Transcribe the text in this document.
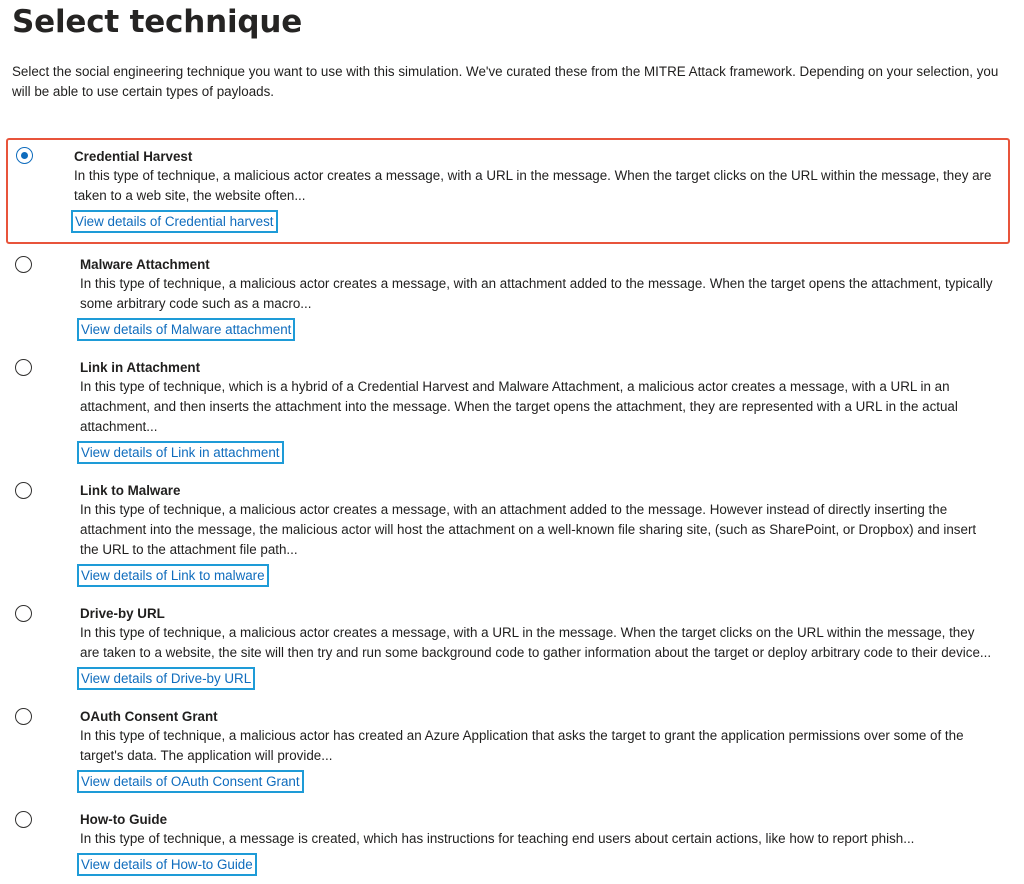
Select technique

Select the social engineering technique you want to use with this simulation. We've curated these from the MITRE Attack framework. Depending on your selection, you will be able to use certain types of payloads.

Credential Harvest
In this type of technique, a malicious actor creates a message, with a URL in the message. When the target clicks on the URL within the message, they are taken to a web site, the website often...
View details of Credential harvest
Malware Attachment
In this type of technique, a malicious actor creates a message, with an attachment added to the message. When the target opens the attachment, typically some arbitrary code such as a macro...
View details of Malware attachment
Link in Attachment
In this type of technique, which is a hybrid of a Credential Harvest and Malware Attachment, a malicious actor creates a message, with a URL in an attachment, and then inserts the attachment into the message. When the target opens the attachment, they are represented with a URL in the actual attachment...
View details of Link in attachment
Link to Malware
In this type of technique, a malicious actor creates a message, with an attachment added to the message. However instead of directly inserting the attachment into the message, the malicious actor will host the attachment on a well-known file sharing site, (such as SharePoint, or Dropbox) and insert the URL to the attachment file path...
View details of Link to malware
Drive-by URL
In this type of technique, a malicious actor creates a message, with a URL in the message. When the target clicks on the URL within the message, they are taken to a website, the site will then try and run some background code to gather information about the target or deploy arbitrary code to their device...
View details of Drive-by URL
OAuth Consent Grant
In this type of technique, a malicious actor has created an Azure Application that asks the target to grant the application permissions over some of the target's data. The application will provide...
View details of OAuth Consent Grant
How-to Guide
In this type of technique, a message is created, which has instructions for teaching end users about certain actions, like how to report phish...
View details of How-to Guide
